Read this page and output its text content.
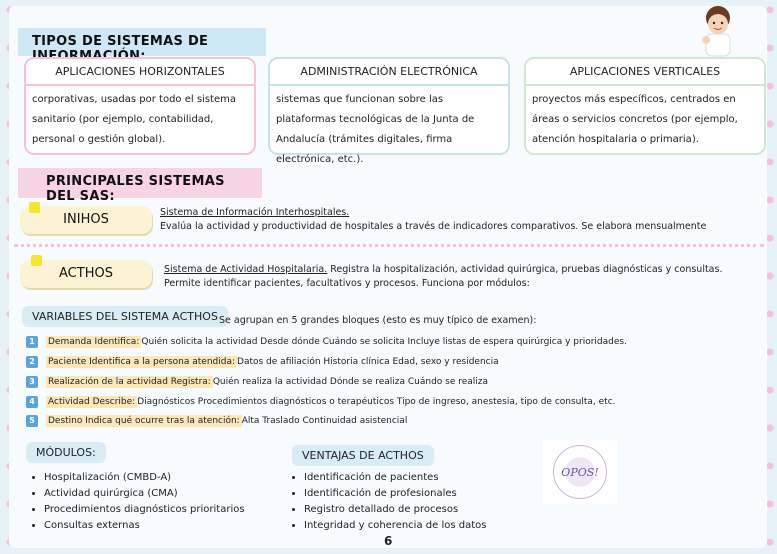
TIPOS DE SISTEMAS DE
APLICACIONES HORIZONTALES
corporativas, usadas por todo el sistema sanitario (por ejemplo, contabilidad, personal o gestión global).
ADMINISTRACIÓN ELECTRÓNICA
sistemas que funcionan sobre las plataformas tecnológicas de la Junta de Andalucía (trámites digitales, firma electrónica, etc.).
APLICACIONES VERTICALES
proyectos más específicos, centrados en áreas o servicios concretos (por ejemplo, atención hospitalaria o primaria).
PRINCIPALES SISTEMAS DEL SAS:
INIHOS	Sistema de Información Interhospitales.
Evalúa la actividad y productividad de hospitales a través de indicadores comparativos. Se elabora mensualmente
ACTHOS	Sistema de Actividad Hospitalaria. Registra la hospitalización, actividad quirúrgica, pruebas diagnósticas y consultas.
Permite identificar pacientes, facultativos y procesos. Funciona por módulos:
VARIABLES DEL SISTEMA ACTHOS Se agrupan en 5 grandes bloques (esto es muy típico de examen):
1	Demanda Identifica: Quién solicita la actividad Desde dónde Cuándo se solicita Incluye listas de espera quirúrgica y prioridades.
2	Paciente Identifica a la persona atendida: Datos de afiliación Historia clínica Edad, sexo y residencia
3	Realización de la actividad Registra: Quién realiza la actividad Dónde se realiza Cuándo se realiza
4	Actividad Describe: Diagnósticos Procedimientos diagnósticos o terapéuticos Tipo de ingreso, anestesia, tipo de consulta, etc.
5	Destino Indica qué ocurre tras la atención: Alta Traslado Continuidad asistencial
MÓDULOS:
• Hospitalización (CMBD-A)
• Actividad quirúrgica (CMA)
• Procedimientos diagnósticos prioritarios
• Consultas externas
VENTAJAS DE ACTHOS
• Identificación de pacientes
• Identificación de profesionales
• Registro detallado de procesos
• Integridad y coherencia de los datos
OPOS!
6
